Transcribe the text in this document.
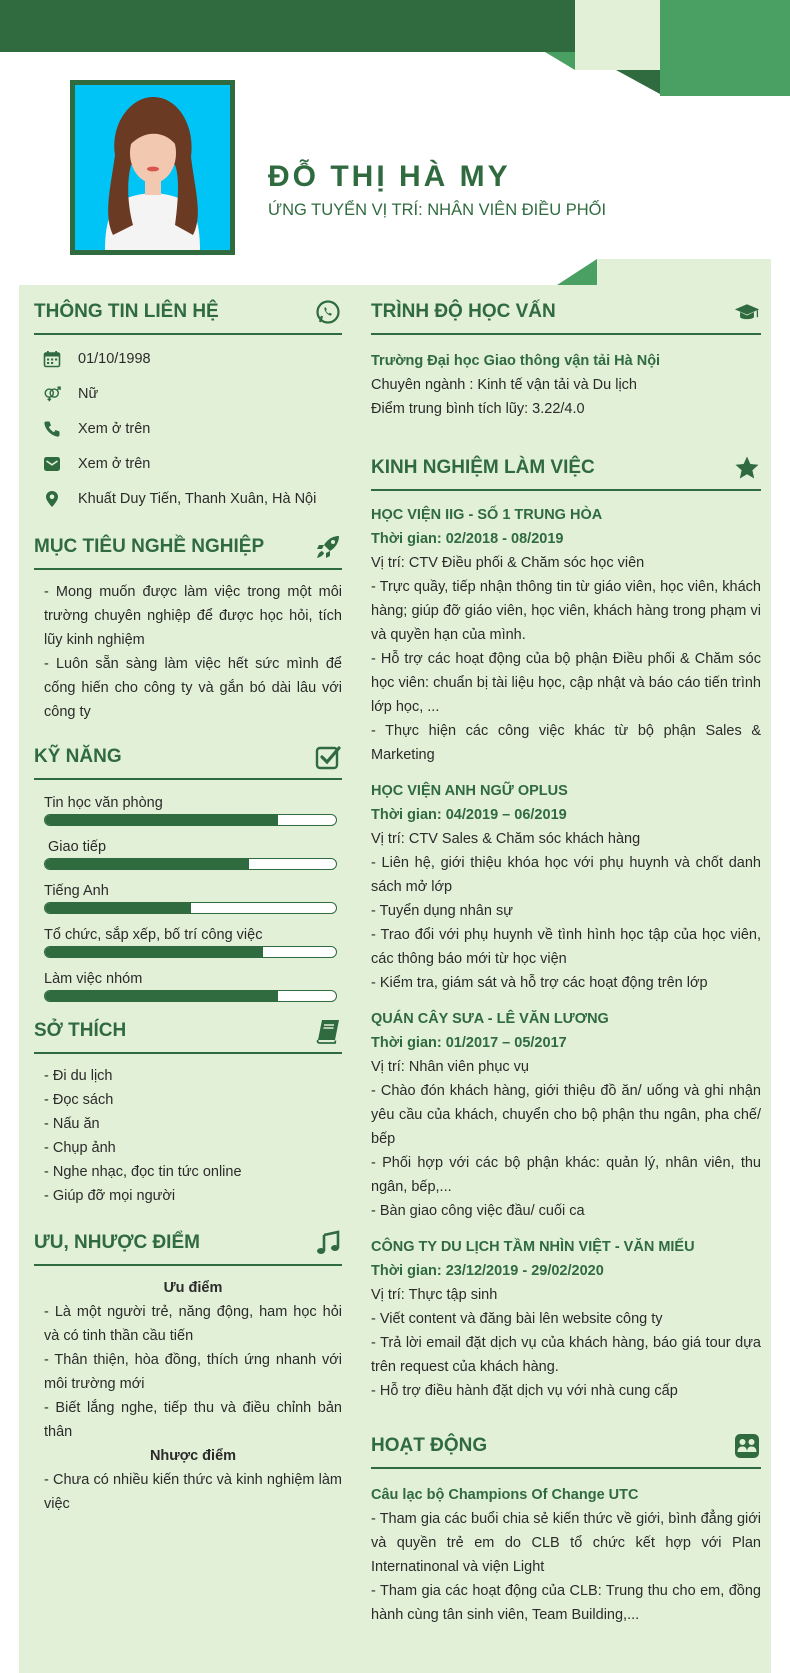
ĐỖ THỊ HÀ MY
ỨNG TUYỂN VỊ TRÍ: NHÂN VIÊN ĐIỀU PHỐI
THÔNG TIN LIÊN HỆ
01/10/1998
Nữ
Xem ở trên
Xem ở trên
Khuất Duy Tiến, Thanh Xuân, Hà Nội
MỤC TIÊU NGHỀ NGHIỆP

- Mong muốn được làm việc trong một môi trường chuyên nghiệp để được học hỏi, tích lũy kinh nghiệm

- Luôn sẵn sàng làm việc hết sức mình để cống hiến cho công ty và gắn bó dài lâu với công ty

KỸ NĂNG
Tin học văn phòng
Giao tiếp
Tiếng Anh
Tổ chức, sắp xếp, bố trí công việc
Làm việc nhóm
SỞ THÍCH

- Đi du lịch

- Đọc sách

- Nấu ăn

- Chụp ảnh

- Nghe nhạc, đọc tin tức online

- Giúp đỡ mọi người

ƯU, NHƯỢC ĐIỂM

Ưu điểm

- Là một người trẻ, năng động, ham học hỏi và có tinh thần cầu tiến

- Thân thiện, hòa đồng, thích ứng nhanh với môi trường mới

- Biết lắng nghe, tiếp thu và điều chỉnh bản thân

Nhược điểm

- Chưa có nhiều kiến thức và kinh nghiệm làm việc

TRÌNH ĐỘ HỌC VẤN

Trường Đại học Giao thông vận tải Hà Nội

Chuyên ngành : Kinh tế vận tải và Du lịch

Điểm trung bình tích lũy: 3.22/4.0

KINH NGHIỆM LÀM VIỆC

HỌC VIỆN IIG - SỐ 1 TRUNG HÒA

Thời gian: 02/2018 - 08/2019

Vị trí: CTV Điều phối & Chăm sóc học viên

- Trực quầy, tiếp nhận thông tin từ giáo viên, học viên, khách hàng; giúp đỡ giáo viên, học viên, khách hàng trong phạm vi và quyền hạn của mình.

- Hỗ trợ các hoạt động của bộ phận Điều phối & Chăm sóc học viên: chuẩn bị tài liệu học, cập nhật và báo cáo tiến trình lớp học, ...

- Thực hiện các công việc khác từ bộ phận Sales & Marketing

HỌC VIỆN ANH NGỮ OPLUS

Thời gian: 04/2019 – 06/2019

Vị trí: CTV Sales & Chăm sóc khách hàng

- Liên hệ, giới thiệu khóa học với phụ huynh và chốt danh sách mở lớp

- Tuyển dụng nhân sự

- Trao đổi với phụ huynh về tình hình học tập của học viên, các thông báo mới từ học viện

- Kiểm tra, giám sát và hỗ trợ các hoạt động trên lớp

QUÁN CÂY SƯA - LÊ VĂN LƯƠNG

Thời gian: 01/2017 – 05/2017

Vị trí: Nhân viên phục vụ

- Chào đón khách hàng, giới thiệu đồ ăn/ uống và ghi nhận yêu cầu của khách, chuyển cho bộ phận thu ngân, pha chế/ bếp

- Phối hợp với các bộ phận khác: quản lý, nhân viên, thu ngân, bếp,...

- Bàn giao công việc đầu/ cuối ca

CÔNG TY DU LỊCH TẦM NHÌN VIỆT - VĂN MIẾU

Thời gian: 23/12/2019 - 29/02/2020

Vị trí: Thực tập sinh

- Viết content và đăng bài lên website công ty

- Trả lời email đặt dịch vụ của khách hàng, báo giá tour dựa trên request của khách hàng.

- Hỗ trợ điều hành đặt dịch vụ với nhà cung cấp

HOẠT ĐỘNG

Câu lạc bộ Champions Of Change UTC

- Tham gia các buổi chia sẻ kiến thức về giới, bình đẳng giới và quyền trẻ em do CLB tổ chức kết hợp với Plan Internatinonal và viện Light

- Tham gia các hoạt động của CLB: Trung thu cho em, đồng hành cùng tân sinh viên, Team Building,...
